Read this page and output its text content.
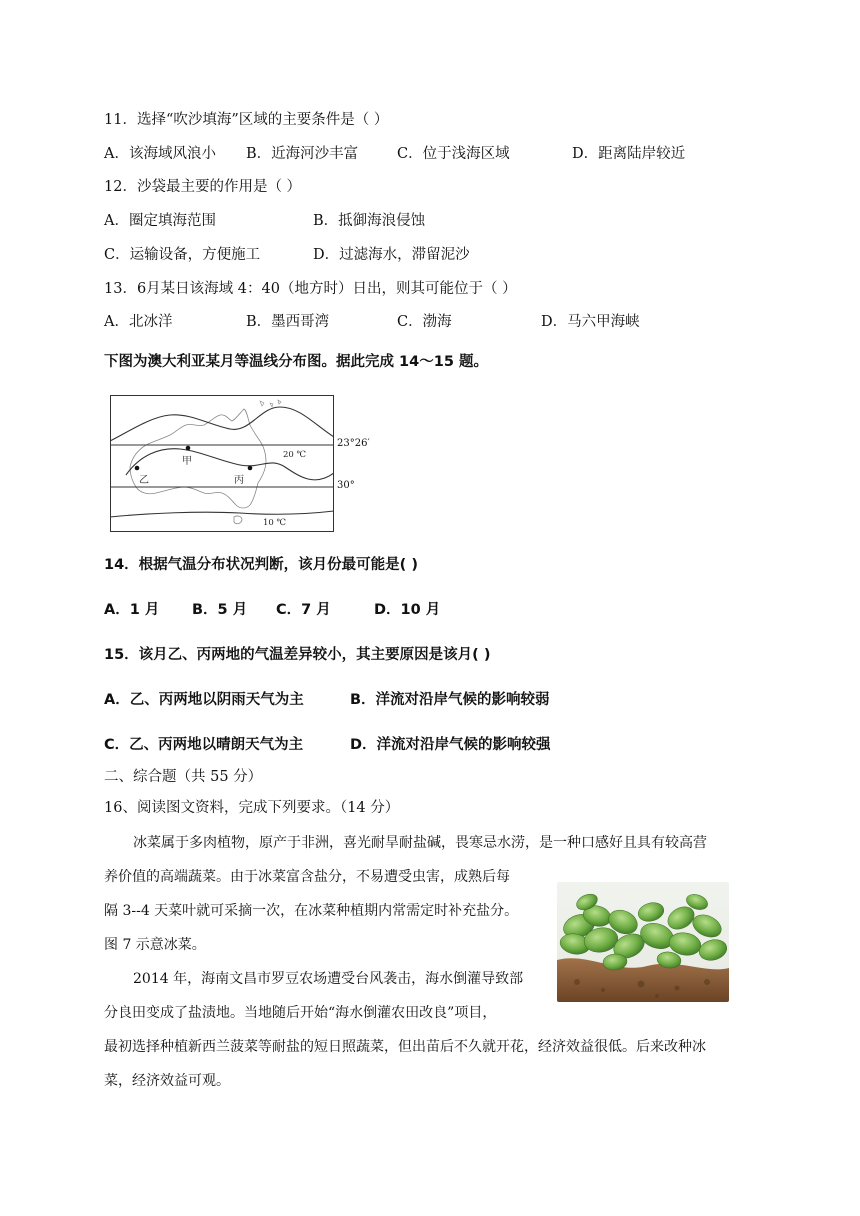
11．选择“吹沙填海”区域的主要条件是（ ）
A．该海域风浪小 B．近海河沙丰富	C．位于浅海区域	D．距离陆岸较近
12．沙袋最主要的作用是（ ）
A．圈定填海范围	B．抵御海浪侵蚀
C．运输设备，方便施工	D．过滤海水，滞留泥沙
13．6月某日该海域 4：40（地方时）日出，则其可能位于（ ）
A．北冰洋	B．墨西哥湾	C．渤海	D．马六甲海峡
下图为澳大利亚某月等温线分布图。据此完成 14～15 题。
甲
乙	丙
20 ℃
10 ℃
23°26′
30°
14．根据气温分布状况判断，该月份最可能是( )
A．1 月 B．5 月 C．7 月	D．10 月
15．该月乙、丙两地的气温差异较小，其主要原因是该月( )
A．乙、丙两地以阴雨天气为主	B．洋流对沿岸气候的影响较弱
C．乙、丙两地以晴朗天气为主	D．洋流对沿岸气候的影响较强
二、综合题（共 55 分）
16、阅读图文资料，完成下列要求。（14 分）
冰菜属于多肉植物，原产于非洲，喜光耐旱耐盐碱，畏寒忌水涝，是一种口感好且具有较高营
养价值的高端蔬菜。由于冰菜富含盐分，不易遭受虫害，成熟后每
隔 3--4 天菜叶就可采摘一次，在冰菜种植期内常需定时补充盐分。
图 7 示意冰菜。
2014 年，海南文昌市罗豆农场遭受台风袭击，海水倒灌导致部
分良田变成了盐渍地。当地随后开始“海水倒灌农田改良”项目，
最初选择种植新西兰菠菜等耐盐的短日照蔬菜，但出苗后不久就开花，经济效益很低。后来改种冰
菜，经济效益可观。
